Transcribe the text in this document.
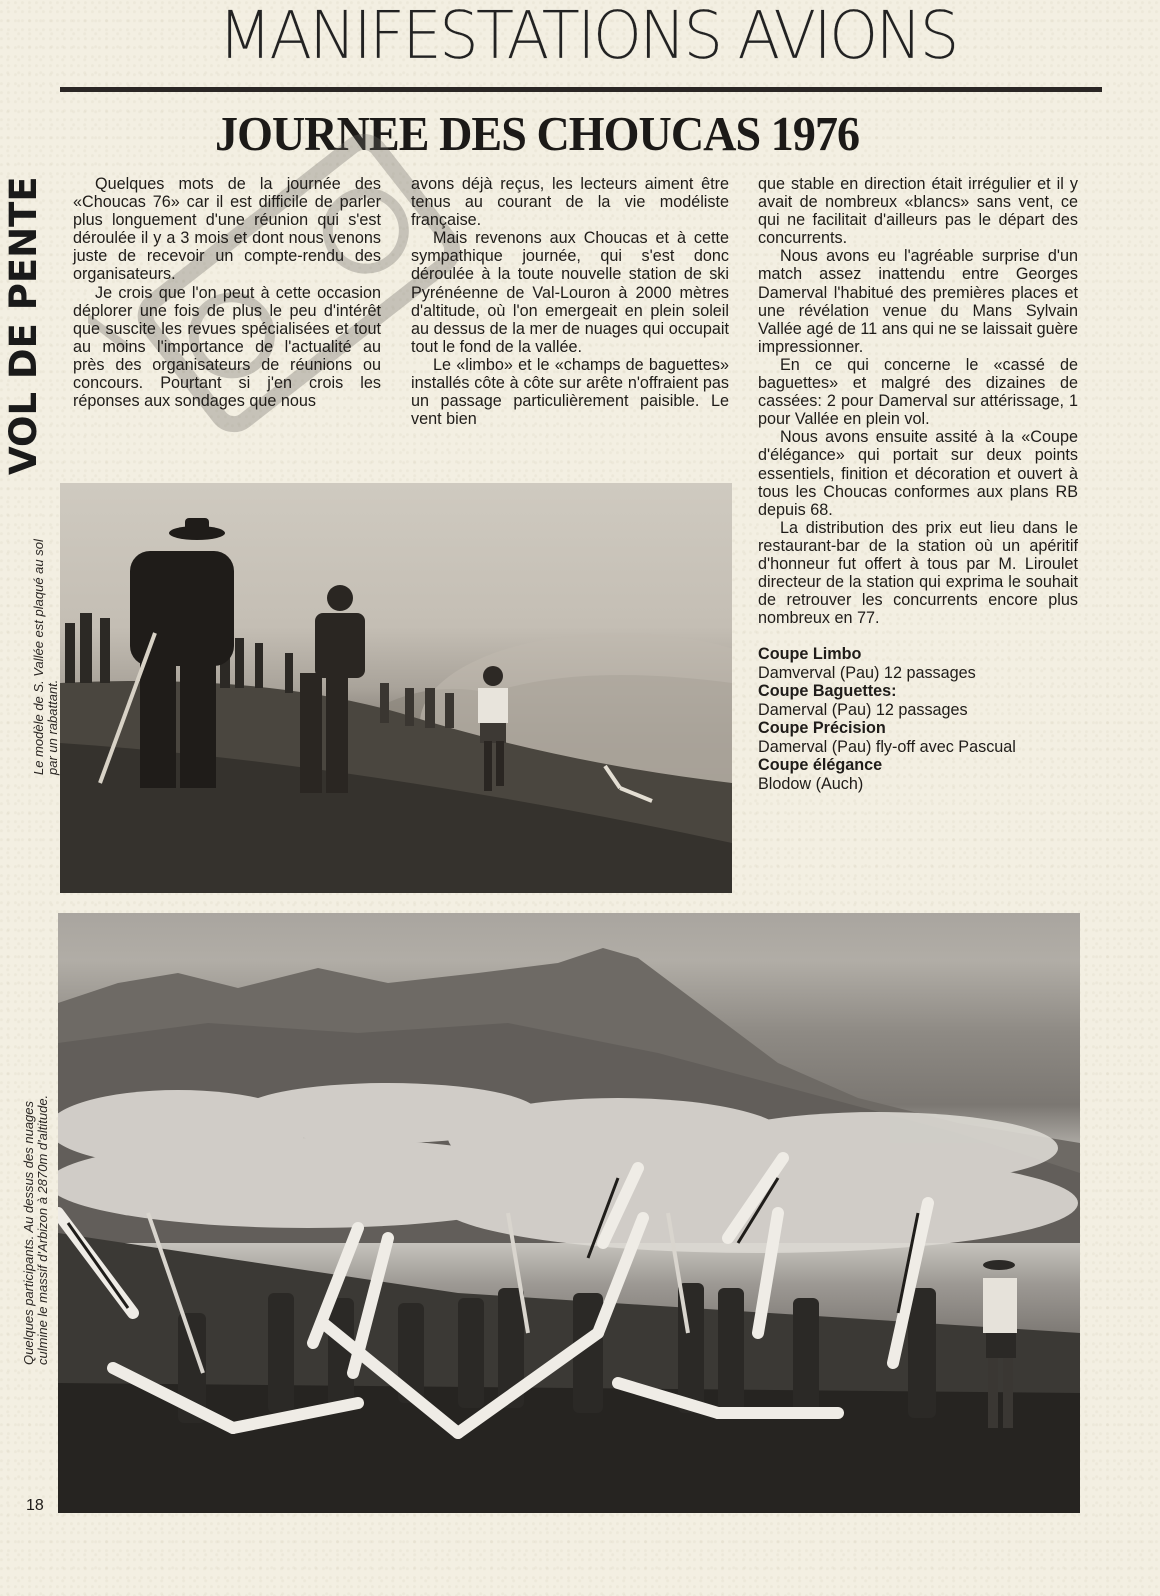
MANIFESTATIONS AVIONS
JOURNEE DES CHOUCAS 1976
VOL DE PENTE	Quelques mots de la journée des «Choucas 76» car il est difficile de parler plus longuement d'une réunion qui s'est déroulée il y a 3 mois et dont nous venons juste de recevoir un compte-rendu des organisateurs.

Je crois que l'on peut à cette occasion déplorer une fois de plus le peu d'intérêt que suscite les revues spécialisées et tout au moins l'importance de l'actualité au près des organisateurs de réunions ou concours. Pourtant si j'en crois les réponses aux sondages que nous

avons déjà reçus, les lecteurs aiment être tenus au courant de la vie modéliste française.

Mais revenons aux Choucas et à cette sympathique journée, qui s'est donc déroulée à la toute nouvelle station de ski Pyrénéenne de Val-Louron à 2000 mètres d'altitude, où l'on emergeait en plein soleil au dessus de la mer de nuages qui occupait tout le fond de la vallée.

Le «limbo» et le «champs de baguettes» installés côte à côte sur arête n'offraient pas un passage particulièrement paisible. Le vent bien

que stable en direction était irrégulier et il y avait de nombreux «blancs» sans vent, ce qui ne facilitait d'ailleurs pas le départ des concurrents.

Nous avons eu l'agréable surprise d'un match assez inattendu entre Georges Damerval l'habitué des premières places et une révélation venue du Mans Sylvain Vallée agé de 11 ans qui ne se laissait guère impressionner.

En ce qui concerne le «cassé de baguettes» et malgré des dizaines de cassées: 2 pour Damerval sur attérissage, 1 pour Vallée en plein vol.

Nous avons ensuite assité à la «Coupe d'élégance» qui portait sur deux points essentiels, finition et décoration et ouvert à tous les Choucas conformes aux plans RB depuis 68.

La distribution des prix eut lieu dans le restaurant-bar de la station où un apéritif d'honneur fut offert à tous par M. Liroulet directeur de la station qui exprima le souhait de retrouver les concurrents encore plus nombreux en 77.

Coupe Limbo
Damverval (Pau) 12 passages
Coupe Baguettes:
Damerval (Pau) 12 passages
Coupe Précision
Damerval (Pau) fly-off avec Pascual
Coupe élégance
Blodow (Auch)
Le modèle de S. Vallée est plaqué au sol par un rabattant.
Quelques participants. Au dessus des nuages culmine le massif d'Arbizon à 2870m d'altitude.
18
